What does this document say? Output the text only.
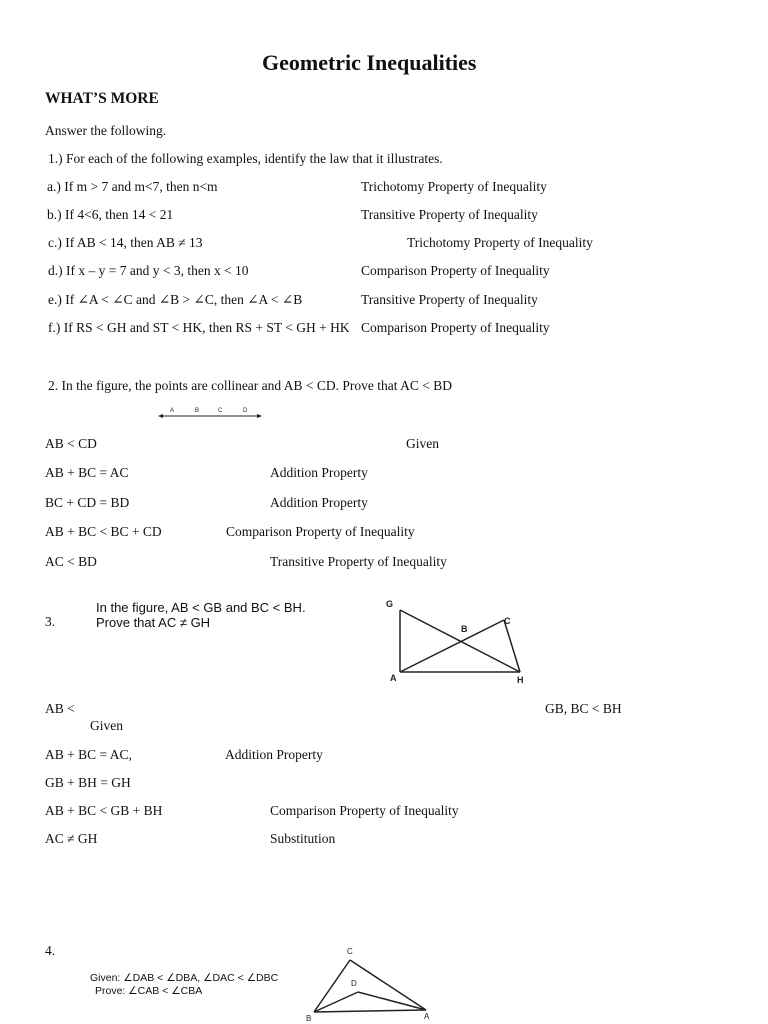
Geometric Inequalities
WHAT’S MORE
Answer the following.
1.) For each of the following examples, identify the law that it illustrates.
a.) If m > 7 and m<7, then n<m	Trichotomy Property of Inequality
b.) If 4<6, then 14 < 21	Transitive Property of Inequality
c.) If AB < 14, then AB ≠ 13	Trichotomy Property of Inequality
d.) If x – y = 7 and y < 3, then x < 10	Comparison Property of Inequality
e.) If ∠A < ∠C and ∠B > ∠C, then ∠A < ∠B	Transitive Property of Inequality
f.) If RS < GH and ST < HK, then RS + ST < GH + HK Comparison Property of Inequality
2. In the figure, the points are collinear and AB < CD. Prove that AC < BD
A	B	C	D
AB < CD	Given
AB + BC = AC	Addition Property
BC + CD = BD	Addition Property
AB + BC < BC + CD	Comparison Property of Inequality
AC < BD	Transitive Property of Inequality
3.
In the figure, AB < GB and BC < BH.
Prove that AC ≠ GH
G
B
C
A	H
AB <	GB, BC < BH
Given
AB + BC = AC,	Addition Property
GB + BH = GH
AB + BC < GB + BH	Comparison Property of Inequality
AC ≠ GH	Substitution
4.
Given: ∠DAB < ∠DBA, ∠DAC < ∠DBC
Prove: ∠CAB < ∠CBA
C
D
B	A
